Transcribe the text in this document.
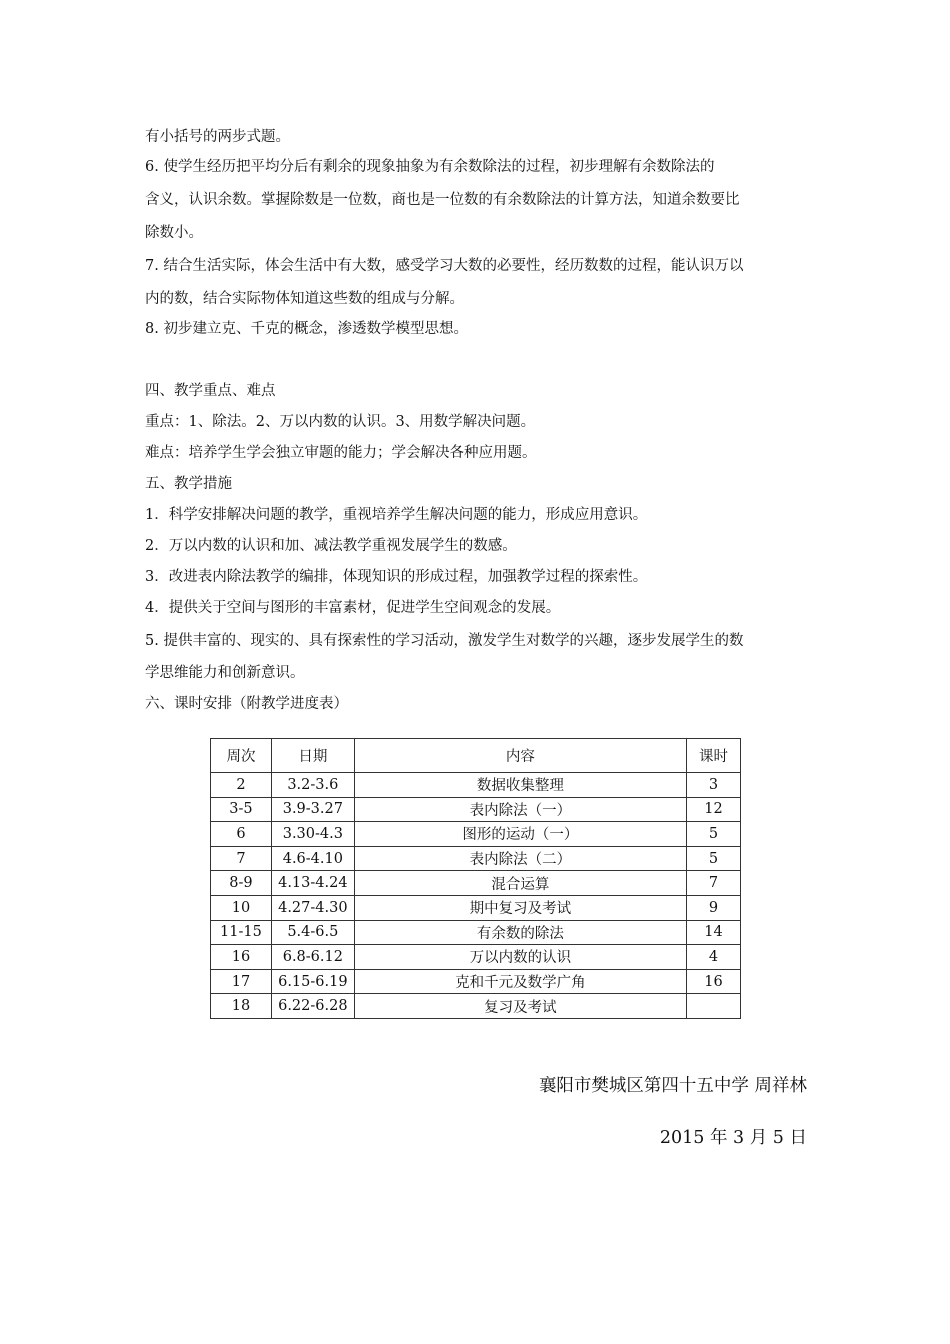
有小括号的两步式题。
6. 使学生经历把平均分后有剩余的现象抽象为有余数除法的过程，初步理解有余数除法的
含义，认识余数。掌握除数是一位数，商也是一位数的有余数除法的计算方法，知道余数要比
除数小。
7. 结合生活实际，体会生活中有大数，感受学习大数的必要性，经历数数的过程，能认识万以
内的数，结合实际物体知道这些数的组成与分解。
8. 初步建立克、千克的概念，渗透数学模型思想。
四、教学重点、难点
重点：1、除法。2、万以内数的认识。3、用数学解决问题。
难点：培养学生学会独立审题的能力；学会解决各种应用题。
五、教学措施
1．科学安排解决问题的教学，重视培养学生解决问题的能力，形成应用意识。
2．万以内数的认识和加、减法教学重视发展学生的数感。
3．改进表内除法教学的编排，体现知识的形成过程，加强教学过程的探索性。
4．提供关于空间与图形的丰富素材，促进学生空间观念的发展。
5. 提供丰富的、现实的、具有探索性的学习活动，激发学生对数学的兴趣，逐步发展学生的数
学思维能力和创新意识。
六、课时安排（附教学进度表）
周次	日期	内容	课时
2	3.2-3.6	数据收集整理	3
3-5	3.9-3.27	表内除法（一）	12
6	3.30-4.3	图形的运动（一）	5
7	4.6-4.10	表内除法（二）	5
8-9	4.13-4.24	混合运算	7
10	4.27-4.30	期中复习及考试	9
11-15	5.4-6.5	有余数的除法	14
16	6.8-6.12	万以内数的认识	4
17	6.15-6.19	克和千元及数学广角	16
18	6.22-6.28	复习及考试	
襄阳市樊城区第四十五中学 周祥林
2015 年 3 月 5 日
